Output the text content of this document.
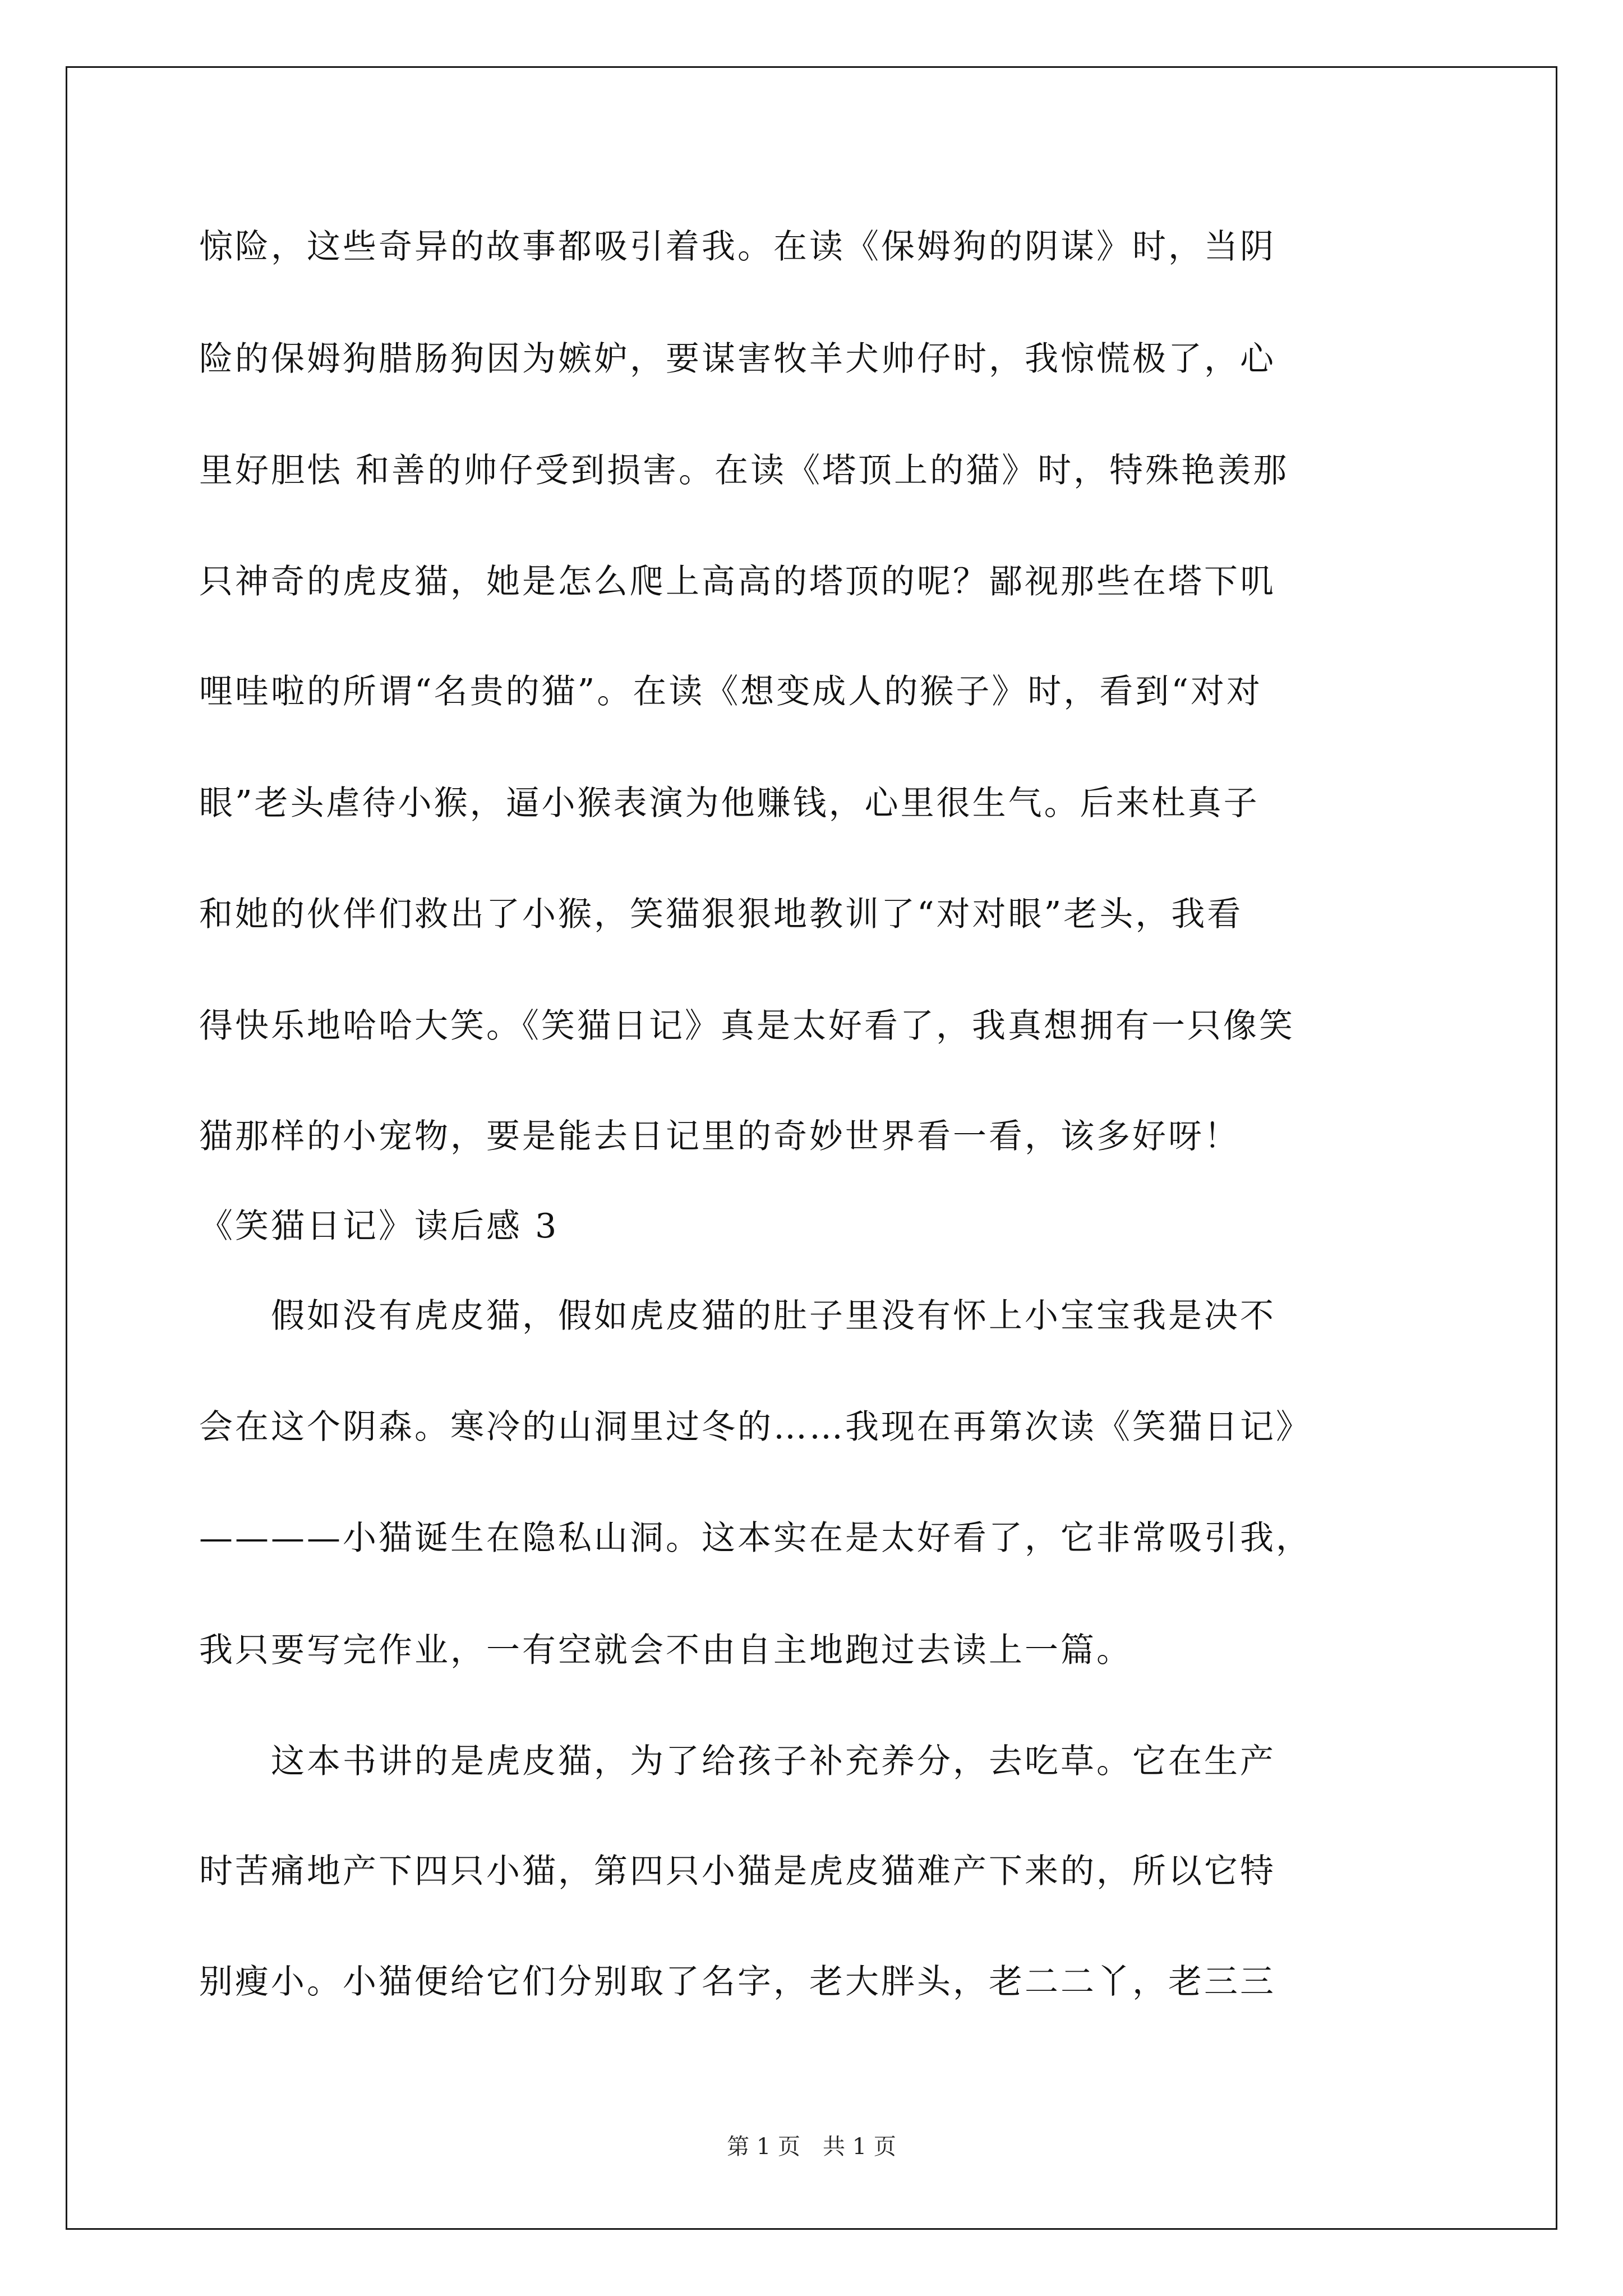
惊险，这些奇异的故事都吸引着我。在读《保姆狗的阴谋》时，当阴
险的保姆狗腊肠狗因为嫉妒，要谋害牧羊犬帅仔时，我惊慌极了，心
里好胆怯 和善的帅仔受到损害。在读《塔顶上的猫》时，特殊艳羡那
只神奇的虎皮猫，她是怎么爬上高高的塔顶的呢？鄙视那些在塔下叽
哩哇啦的所谓“名贵的猫”。在读《想变成人的猴子》时，看到“对对
眼”老头虐待小猴，逼小猴表演为他赚钱，心里很生气。后来杜真子
和她的伙伴们救出了小猴，笑猫狠狠地教训了“对对眼”老头，我看
得快乐地哈哈大笑。《笑猫日记》真是太好看了，我真想拥有一只像笑
猫那样的小宠物，要是能去日记里的奇妙世界看一看，该多好呀！
《笑猫日记》读后感 3
　　假如没有虎皮猫，假如虎皮猫的肚子里没有怀上小宝宝我是决不
会在这个阴森。寒冷的山洞里过冬的……我现在再第次读《笑猫日记》
————小猫诞生在隐私山洞。这本实在是太好看了，它非常吸引我，
我只要写完作业，一有空就会不由自主地跑过去读上一篇。
　　这本书讲的是虎皮猫，为了给孩子补充养分，去吃草。它在生产
时苦痛地产下四只小猫，第四只小猫是虎皮猫难产下来的，所以它特
别瘦小。小猫便给它们分别取了名字，老大胖头，老二二丫，老三三
第 1 页　共 1 页
